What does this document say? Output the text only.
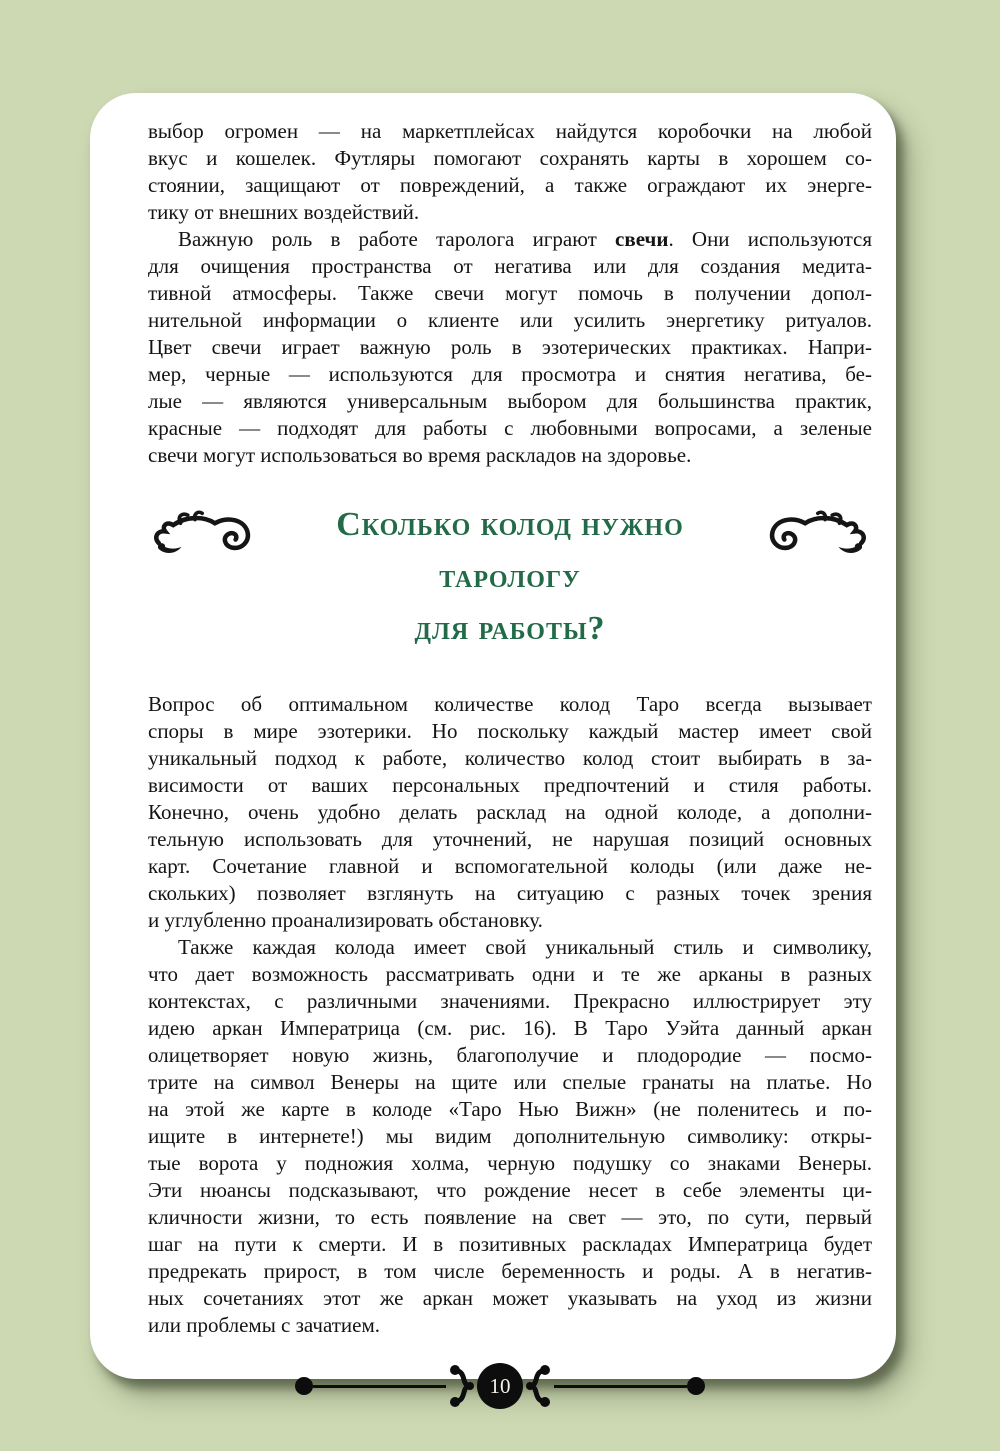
выбор огромен — на маркетплейсах найдутся коробочки на любой
вкус и кошелек. Футляры помогают сохранять карты в хорошем со-
стоянии, защищают от повреждений, а также ограждают их энерге-
тику от внешних воздействий.
Важную роль в работе таролога играют свечи. Они используются
для очищения пространства от негатива или для создания медита-
тивной атмосферы. Также свечи могут помочь в получении допол-
нительной информации о клиенте или усилить энергетику ритуалов.
Цвет свечи играет важную роль в эзотерических практиках. Напри-
мер, черные — используются для просмотра и снятия негатива, бе-
лые — являются универсальным выбором для большинства практик,
красные — подходят для работы с любовными вопросами, а зеленые
свечи могут использоваться во время раскладов на здоровье.
Сколько колод нужно тарологу
для работы?
Вопрос об оптимальном количестве колод Таро всегда вызывает
споры в мире эзотерики. Но поскольку каждый мастер имеет свой
уникальный подход к работе, количество колод стоит выбирать в за-
висимости от ваших персональных предпочтений и стиля работы.
Конечно, очень удобно делать расклад на одной колоде, а дополни-
тельную использовать для уточнений, не нарушая позиций основных
карт. Сочетание главной и вспомогательной колоды (или даже не-
скольких) позволяет взглянуть на ситуацию с разных точек зрения
и углубленно проанализировать обстановку.
Также каждая колода имеет свой уникальный стиль и символику,
что дает возможность рассматривать одни и те же арканы в разных
контекстах, с различными значениями. Прекрасно иллюстрирует эту
идею аркан Императрица (см. рис. 16). В Таро Уэйта данный аркан
олицетворяет новую жизнь, благополучие и плодородие — посмо-
трите на символ Венеры на щите или спелые гранаты на платье. Но
на этой же карте в колоде «Таро Нью Вижн» (не поленитесь и по-
ищите в интернете!) мы видим дополнительную символику: откры-
тые ворота у подножия холма, черную подушку со знаками Венеры.
Эти нюансы подсказывают, что рождение несет в себе элементы ци-
кличности жизни, то есть появление на свет — это, по сути, первый
шаг на пути к смерти. И в позитивных раскладах Императрица будет
предрекать прирост, в том числе беременность и роды. А в негатив-
ных сочетаниях этот же аркан может указывать на уход из жизни
или проблемы с зачатием.
10
